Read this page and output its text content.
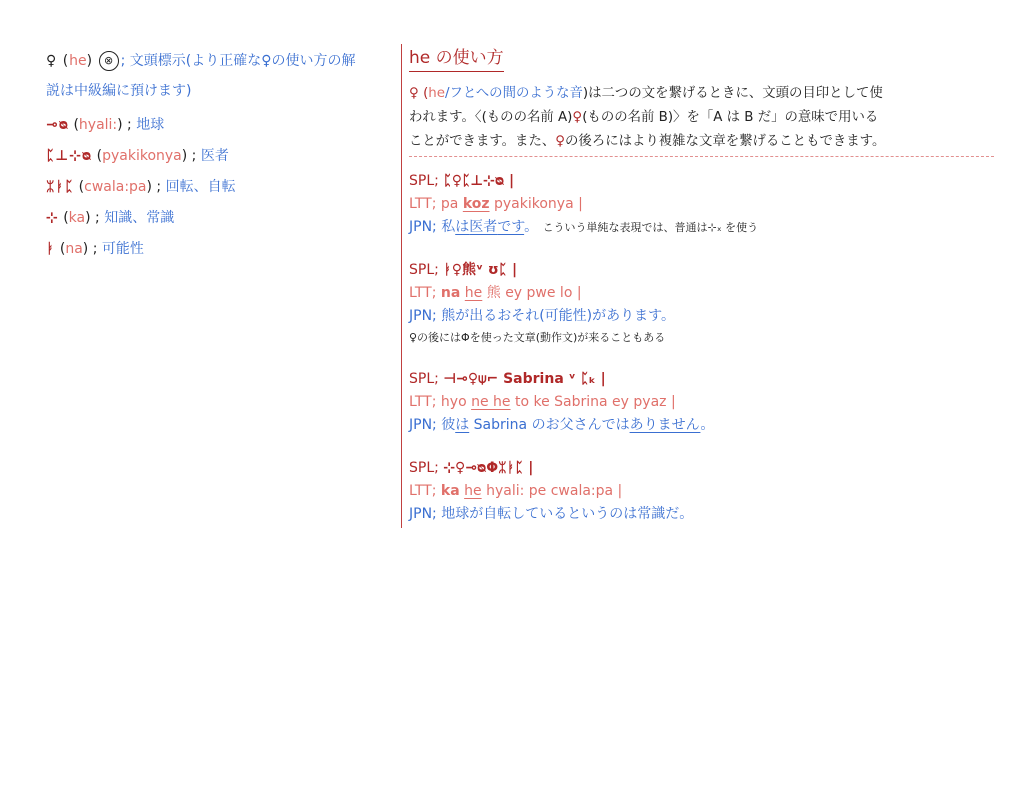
♀ (he) ⊗ ; 文頭標示(より正確な♀の使い方の解
説は中級編に預けます)
⊸ᴓ (hyali:) ; 地球
ᛈ⊥⊹ᴓ (pyakikonya) ; 医者
ᛯᛓᛈ (cwala:pa) ; 回転、自転
⊹ (ka) ; 知識、常識
ᛓ (na) ; 可能性
he の使い方
♀ (he/フとへの間のような音)は二つの文を繋げるときに、文頭の目印として使
われます。〈(ものの名前 A)♀(ものの名前 B)〉を「A は B だ」の意味で用いる
ことができます。また、♀の後ろにはより複雑な文章を繋げることもできます。
SPL; ᛈ♀ᛈ⊥⊹ᴓ |
LTT; pa koz pyakikonya |
JPN; 私は医者です。 こういう単純な表現では、普通は⊹ₓ を使う
SPL; ᛓ♀熊ᵛ ʊᛈ |
LTT; na he 熊 ey pwe lo |
JPN; 熊が出るおそれ(可能性)があります。
♀の後にはΦを使った文章(動作文)が来ることもある
SPL; ⊣⊸♀⍦⌐ Sabrina ᵛ ᛈₖ |
LTT; hyo ne he to ke Sabrina ey pyaz |
JPN; 彼は Sabrina のお父さんではありません。
SPL; ⊹♀⊸ᴓΦᛯᛓᛈ |
LTT; ka he hyali: pe cwala:pa |
JPN; 地球が自転しているというのは常識だ。
